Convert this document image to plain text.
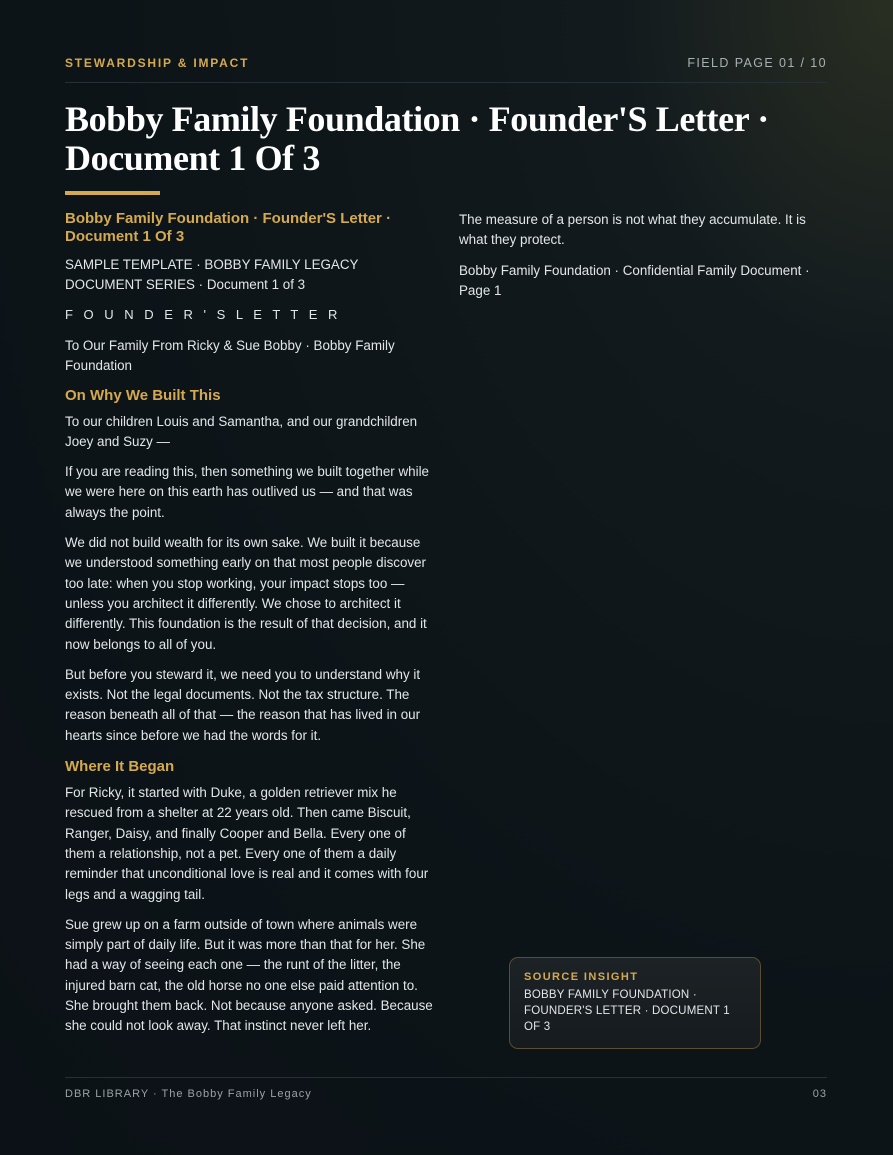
STEWARDSHIP & IMPACT	FIELD PAGE 01 / 10
Bobby Family Foundation · Founder'S Letter · Document 1 Of 3
Bobby Family Foundation · Founder'S Letter · Document 1 Of 3
SAMPLE TEMPLATE · BOBBY FAMILY LEGACY DOCUMENT SERIES · Document 1 of 3
F O U N D E R ' S L E T T E R

To Our Family From Ricky & Sue Bobby · Bobby Family Foundation

On Why We Built This

To our children Louis and Samantha, and our grandchildren Joey and Suzy —

If you are reading this, then something we built together while we were here on this earth has outlived us — and that was always the point.

We did not build wealth for its own sake. We built it because we understood something early on that most people discover too late: when you stop working, your impact stops too — unless you architect it differently. We chose to architect it differently. This foundation is the result of that decision, and it now belongs to all of you.

But before you steward it, we need you to understand why it exists. Not the legal documents. Not the tax structure. The reason beneath all of that — the reason that has lived in our hearts since before we had the words for it.

Where It Began

For Ricky, it started with Duke, a golden retriever mix he rescued from a shelter at 22 years old. Then came Biscuit, Ranger, Daisy, and finally Cooper and Bella. Every one of them a relationship, not a pet. Every one of them a daily reminder that unconditional love is real and it comes with four legs and a wagging tail.

Sue grew up on a farm outside of town where animals were simply part of daily life. But it was more than that for her. She had a way of seeing each one — the runt of the litter, the injured barn cat, the old horse no one else paid attention to. She brought them back. Not because anyone asked. Because she could not look away. That instinct never left her.

The measure of a person is not what they accumulate. It is what they protect.

Bobby Family Foundation · Confidential Family Document · Page 1

SOURCE INSIGHT
BOBBY FAMILY FOUNDATION · FOUNDER'S LETTER · DOCUMENT 1 OF 3
DBR LIBRARY · The Bobby Family Legacy	03
